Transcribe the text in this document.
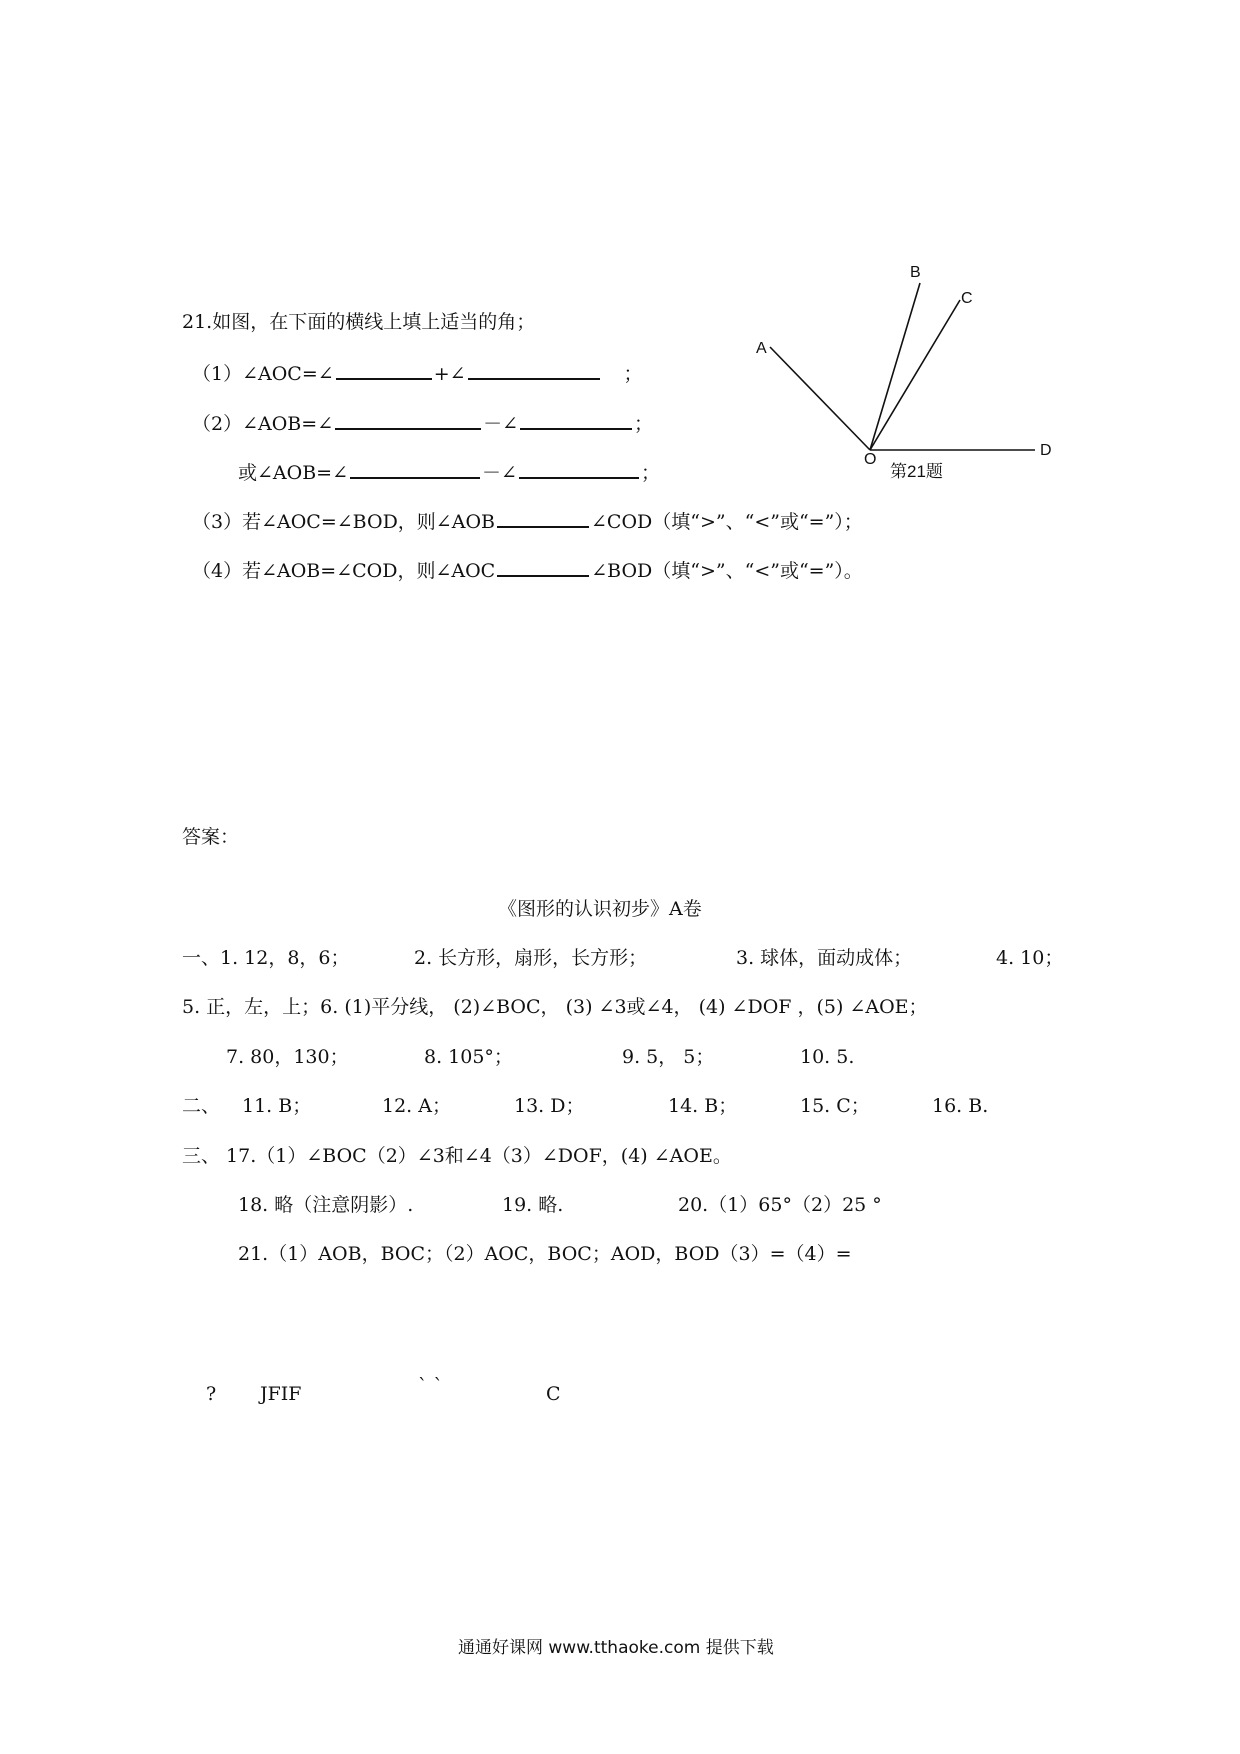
21.如图，在下面的横线上填上适当的角；
（1）∠AOC=∠	+∠	；
（2）∠AOB=∠	－∠	；
或∠AOB=∠	－∠	；
（3）若∠AOC=∠BOD，则∠AOB	∠COD（填“>”、“<”或“=”）；
（4）若∠AOB=∠COD，则∠AOC	∠BOD（填“>”、“<”或“=”）。
A
B
C
D
O
第21题
答案：
《图形的认识初步》A卷
一、1. 12，8，6；	2. 长方形，扇形，长方形；	3. 球体，面动成体；	4. 10；
5. 正，左，上；6. (1)平分线， (2)∠BOC， (3) ∠3或∠4， (4) ∠DOF ，(5) ∠AOE；
7. 80，130；	8. 105°；	9. 5， 5；	10. 5.
二、 11. B；	12. A；	13. D；	14. B；	15. C；	16. B.
三、 17.（1）∠BOC（2）∠3和∠4（3）∠DOF，(4) ∠AOE。
18. 略（注意阴影）.	19. 略.	20.（1）65°（2）25 °
21.（1）AOB，BOC；（2）AOC，BOC；AOD，BOD（3）=（4）=
? JFIF	` `	C
通通好课网 www.tthaoke.com 提供下载
